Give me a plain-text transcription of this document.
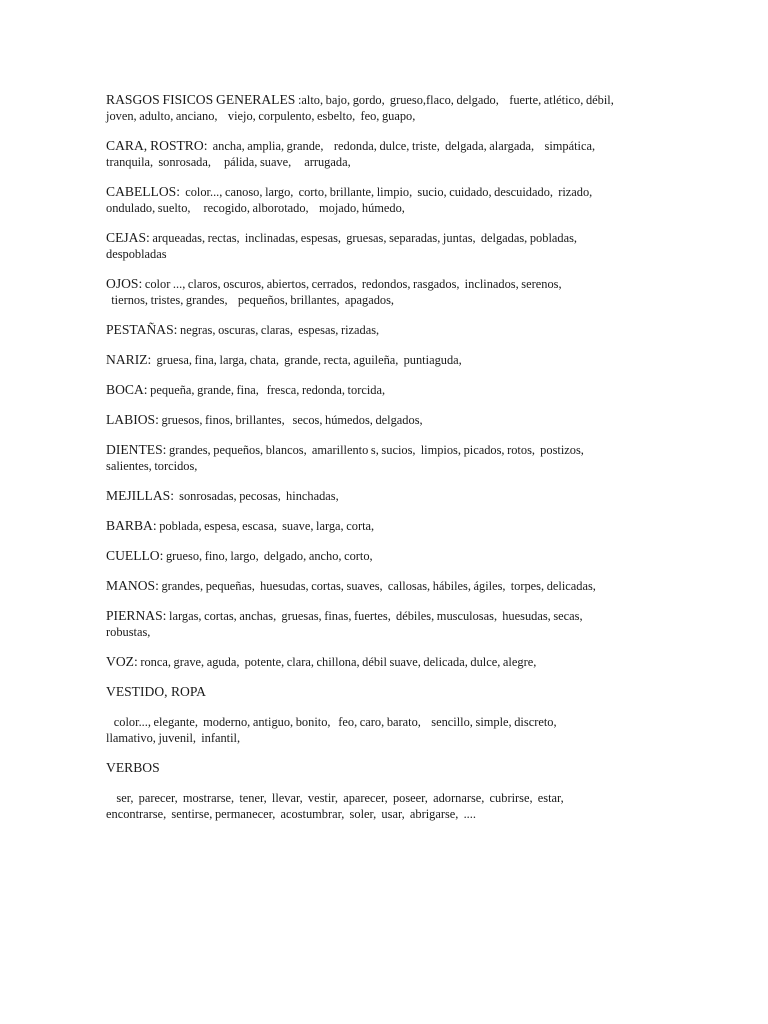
RASGOS FISICOS GENERALES :alto, bajo, gordo,  grueso,flaco, delgado,    fuerte, atlético, débil,
joven, adulto, anciano,    viejo, corpulento, esbelto,  feo, guapo,

CARA, ROSTRO:  ancha, amplia, grande,    redonda, dulce, triste,  delgada, alargada,    simpática,
tranquila,  sonrosada,     pálida, suave,     arrugada,

CABELLOS:  color..., canoso, largo,  corto, brillante, limpio,  sucio, cuidado, descuidado,  rizado,
ondulado, suelto,     recogido, alborotado,    mojado, húmedo,

CEJAS: arqueadas, rectas,  inclinadas, espesas,  gruesas, separadas, juntas,  delgadas, pobladas,
despobladas

OJOS: color ..., claros, oscuros, abiertos, cerrados,  redondos, rasgados,  inclinados, serenos,
tiernos, tristes, grandes,    pequeños, brillantes,  apagados,

PESTAÑAS: negras, oscuras, claras,  espesas, rizadas,

NARIZ:  gruesa, fina, larga, chata,  grande, recta, aguileña,  puntiaguda,

BOCA: pequeña, grande, fina,   fresca, redonda, torcida,

LABIOS: gruesos, finos, brillantes,   secos, húmedos, delgados,

DIENTES: grandes, pequeños, blancos,  amarillento s, sucios,  limpios, picados, rotos,  postizos,
salientes, torcidos,

MEJILLAS:  sonrosadas, pecosas,  hinchadas,

BARBA: poblada, espesa, escasa,  suave, larga, corta,

CUELLO: grueso, fino, largo,  delgado, ancho, corto,

MANOS: grandes, pequeñas,  huesudas, cortas, suaves,  callosas, hábiles, ágiles,  torpes, delicadas,

PIERNAS: largas, cortas, anchas,  gruesas, finas, fuertes,  débiles, musculosas,  huesudas, secas,
robustas,

VOZ: ronca, grave, aguda,  potente, clara, chillona, débil suave, delicada, dulce, alegre,

VESTIDO, ROPA

color..., elegante,  moderno, antiguo, bonito,   feo, caro, barato,    sencillo, simple, discreto,
llamativo, juvenil,  infantil,

VERBOS

ser,  parecer,  mostrarse,  tener,  llevar,  vestir,  aparecer,  poseer,  adornarse,  cubrirse,  estar,
encontrarse,  sentirse, permanecer,  acostumbrar,  soler,  usar,  abrigarse,  ....
